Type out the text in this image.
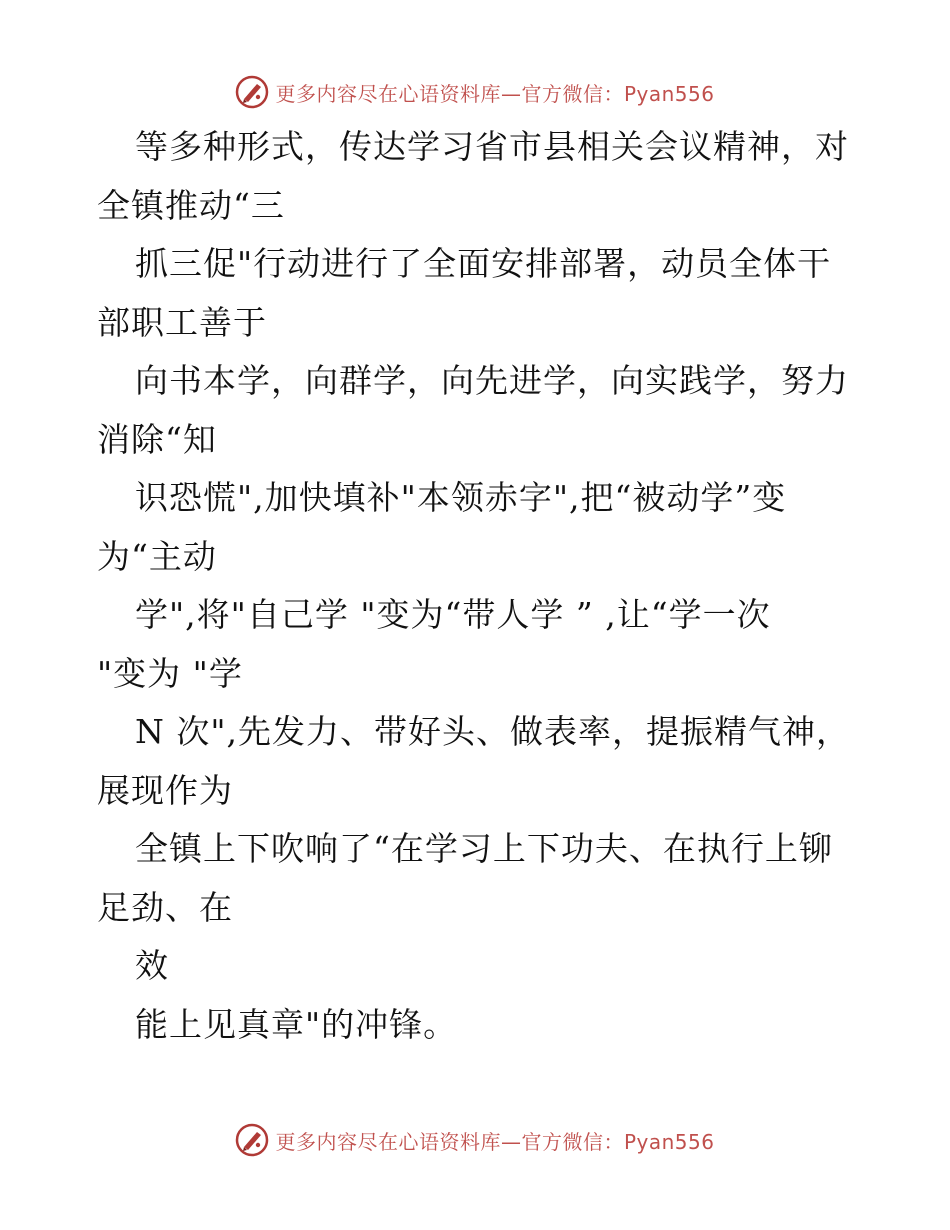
更多内容尽在心语资料库—官方微信：Pyan556
等多种形式，传达学习省市县相关会议精神，对
全镇推动“三
抓三促"行动进行了全面安排部署，动员全体干
部职工善于
向书本学，向群学，向先进学，向实践学，努力
消除“知
识恐慌",加快填补"本领赤字",把“被动学”变
为“主动
学",将"自己学 "变为“带人学 ” ,让“学一次
"变为 "学
N 次",先发力、带好头、做表率，提振精气神，
展现作为
全镇上下吹响了“在学习上下功夫、在执行上铆
足劲、在
效
能上见真章"的冲锋。
更多内容尽在心语资料库—官方微信：Pyan556
